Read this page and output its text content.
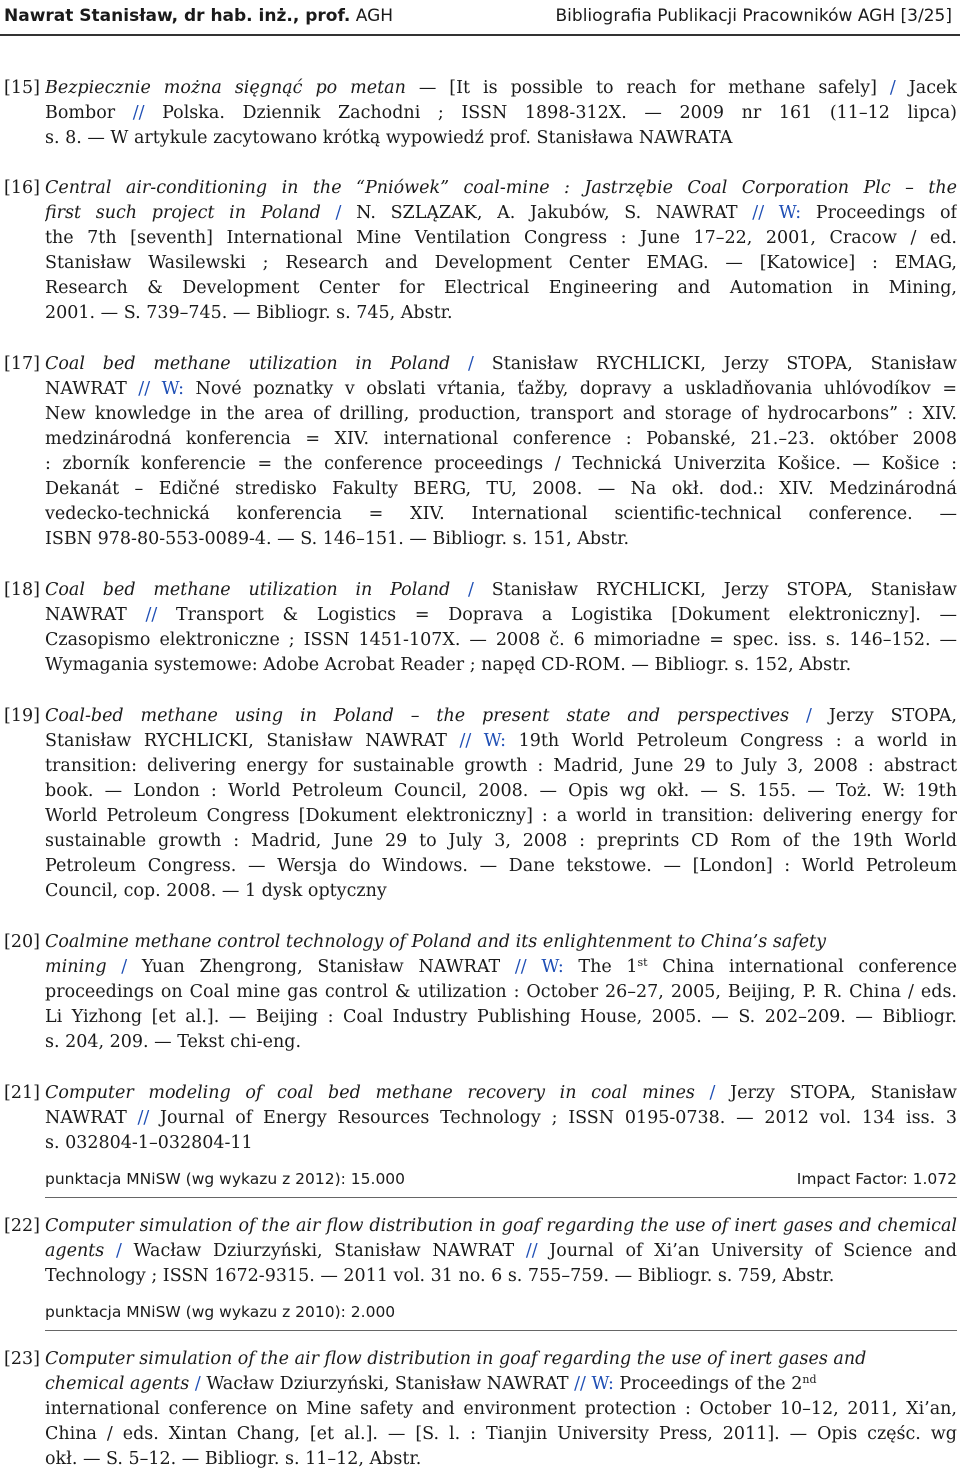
Nawrat Stanisław, dr hab. inż., prof. AGH	Bibliografia Publikacji Pracowników AGH [3/25]
[15] Bezpiecznie można sięgnąć po metan — [It is possible to reach for methane safely] / Jacek
Bombor // Polska. Dziennik Zachodni ; ISSN 1898-312X. — 2009 nr 161 (11–12 lipca)
s. 8. — W artykule zacytowano krótką wypowiedź prof. Stanisława NAWRATA
[16] Central air-conditioning in the “Pniówek” coal-mine : Jastrzębie Coal Corporation Plc – the
first such project in Poland / N. SZLĄZAK, A. Jakubów, S. NAWRAT // W: Proceedings of
the 7th [seventh] International Mine Ventilation Congress : June 17–22, 2001, Cracow / ed.
Stanisław Wasilewski ; Research and Development Center EMAG. — [Katowice] : EMAG,
Research & Development Center for Electrical Engineering and Automation in Mining,
2001. — S. 739–745. — Bibliogr. s. 745, Abstr.
[17] Coal bed methane utilization in Poland / Stanisław RYCHLICKI, Jerzy STOPA, Stanisław
NAWRAT // W: Nové poznatky v obslati vŕtania, ťažby, dopravy a uskladňovania uhlóvodíkov =
New knowledge in the area of drilling, production, transport and storage of hydrocarbons” : XIV.
medzinárodná konferencia = XIV. international conference : Pobanské, 21.–23. október 2008
: zborník konferencie = the conference proceedings / Technická Univerzita Košice. — Košice :
Dekanát – Edičné stredisko Fakulty BERG, TU, 2008. — Na okł. dod.: XIV. Medzinárodná
vedecko-technická konferencia = XIV. International scientific-technical conference. —
ISBN 978-80-553-0089-4. — S. 146–151. — Bibliogr. s. 151, Abstr.
[18] Coal bed methane utilization in Poland / Stanisław RYCHLICKI, Jerzy STOPA, Stanisław
NAWRAT // Transport & Logistics = Doprava a Logistika [Dokument elektroniczny]. —
Czasopismo elektroniczne ; ISSN 1451-107X. — 2008 č. 6 mimoriadne = spec. iss. s. 146–152. —
Wymagania systemowe: Adobe Acrobat Reader ; napęd CD-ROM. — Bibliogr. s. 152, Abstr.
[19] Coal-bed methane using in Poland – the present state and perspectives / Jerzy STOPA,
Stanisław RYCHLICKI, Stanisław NAWRAT // W: 19th World Petroleum Congress : a world in
transition: delivering energy for sustainable growth : Madrid, June 29 to July 3, 2008 : abstract
book. — London : World Petroleum Council, 2008. — Opis wg okł. — S. 155. — Toż. W: 19th
World Petroleum Congress [Dokument elektroniczny] : a world in transition: delivering energy for
sustainable growth : Madrid, June 29 to July 3, 2008 : preprints CD Rom of the 19th World
Petroleum Congress. — Wersja do Windows. — Dane tekstowe. — [London] : World Petroleum
Council, cop. 2008. — 1 dysk optyczny
[20] Coalmine methane control technology of Poland and its enlightenment to China’s safety
mining / Yuan Zhengrong, Stanisław NAWRAT // W: The 1st China international conference
proceedings on Coal mine gas control & utilization : October 26–27, 2005, Beijing, P. R. China / eds.
Li Yizhong [et al.]. — Beijing : Coal Industry Publishing House, 2005. — S. 202–209. — Bibliogr.
s. 204, 209. — Tekst chi-eng.
[21] Computer modeling of coal bed methane recovery in coal mines / Jerzy STOPA, Stanisław
NAWRAT // Journal of Energy Resources Technology ; ISSN 0195-0738. — 2012 vol. 134 iss. 3
s. 032804-1–032804-11
punktacja MNiSW (wg wykazu z 2012): 15.000	Impact Factor: 1.072
[22] Computer simulation of the air flow distribution in goaf regarding the use of inert gases and chemical
agents / Wacław Dziurzyński, Stanisław NAWRAT // Journal of Xi’an University of Science and
Technology ; ISSN 1672-9315. — 2011 vol. 31 no. 6 s. 755–759. — Bibliogr. s. 759, Abstr.
punktacja MNiSW (wg wykazu z 2010): 2.000
[23] Computer simulation of the air flow distribution in goaf regarding the use of inert gases and
chemical agents / Wacław Dziurzyński, Stanisław NAWRAT // W: Proceedings of the 2nd
international conference on Mine safety and environment protection : October 10–12, 2011, Xi’an,
China / eds. Xintan Chang, [et al.]. — [S. l. : Tianjin University Press, 2011]. — Opis częśc. wg
okł. — S. 5–12. — Bibliogr. s. 11–12, Abstr.
